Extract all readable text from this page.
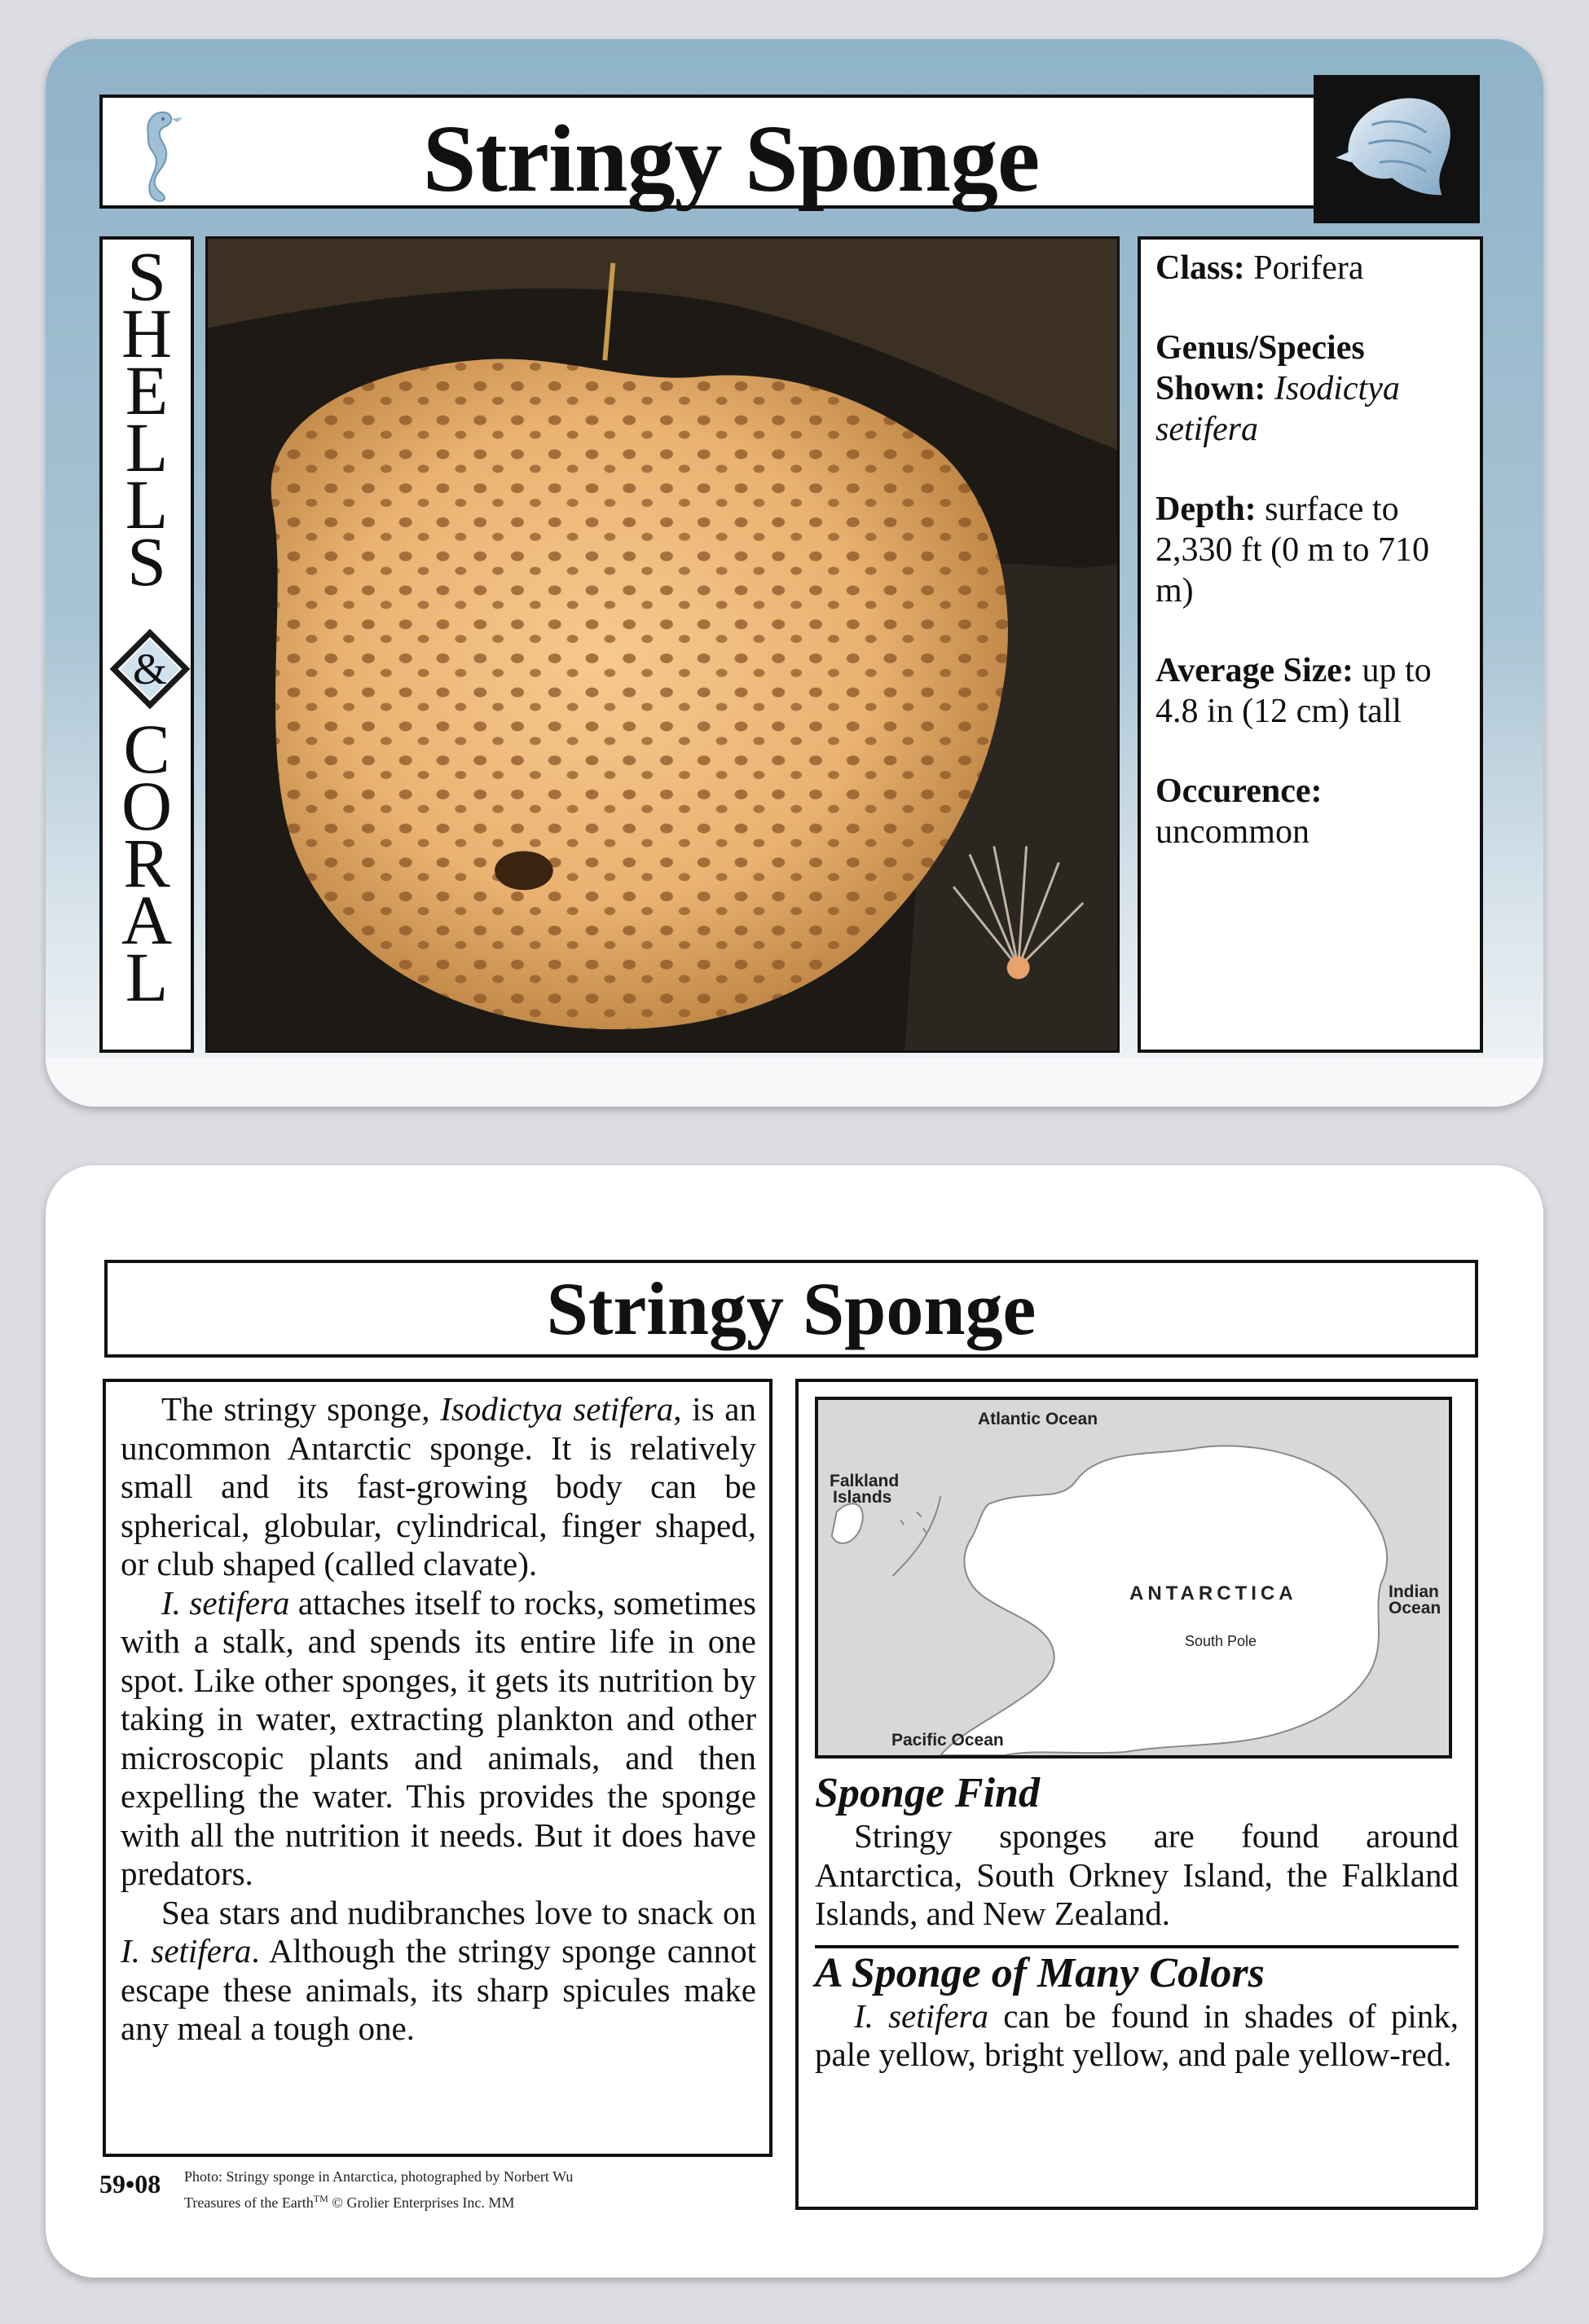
Stringy Sponge
S
H
E
L
L
S
&
C
O
R
A
L

Class: Porifera

Genus/Species Shown: Isodictya setifera

Depth: surface to 2,330 ft (0 m to 710 m)

Average Size: up to 4.8 in (12 cm) tall

Occurence:
uncommon

Stringy Sponge

The stringy sponge, Isodictya setifera, is an uncommon Antarctic sponge. It is relatively small and its fast-growing body can be spherical, globular, cylindrical, finger shaped, or club shaped (called clavate).

I. setifera attaches itself to rocks, sometimes with a stalk, and spends its entire life in one spot. Like other sponges, it gets its nutrition by taking in water, extracting plankton and other microscopic plants and animals, and then expelling the water. This provides the sponge with all the nutrition it needs. But it does have predators.

Sea stars and nudibranches love to snack on I. setifera. Although the stringy sponge cannot escape these animals, its sharp spicules make any meal a tough one.

Atlantic Ocean
Falkland
Islands
ANTARCTICA	Indian
Ocean
South Pole
Pacific Ocean
Sponge Find

Stringy sponges are found around Antarctica, South Orkney Island, the Falkland Islands, and New Zealand.

A Sponge of Many Colors

I. setifera can be found in shades of pink, pale yellow, bright yellow, and pale yellow-red.

59•08 Photo: Stringy sponge in Antarctica, photographed by Norbert Wu
Treasures of the Earth™ © Grolier Enterprises Inc. MM
